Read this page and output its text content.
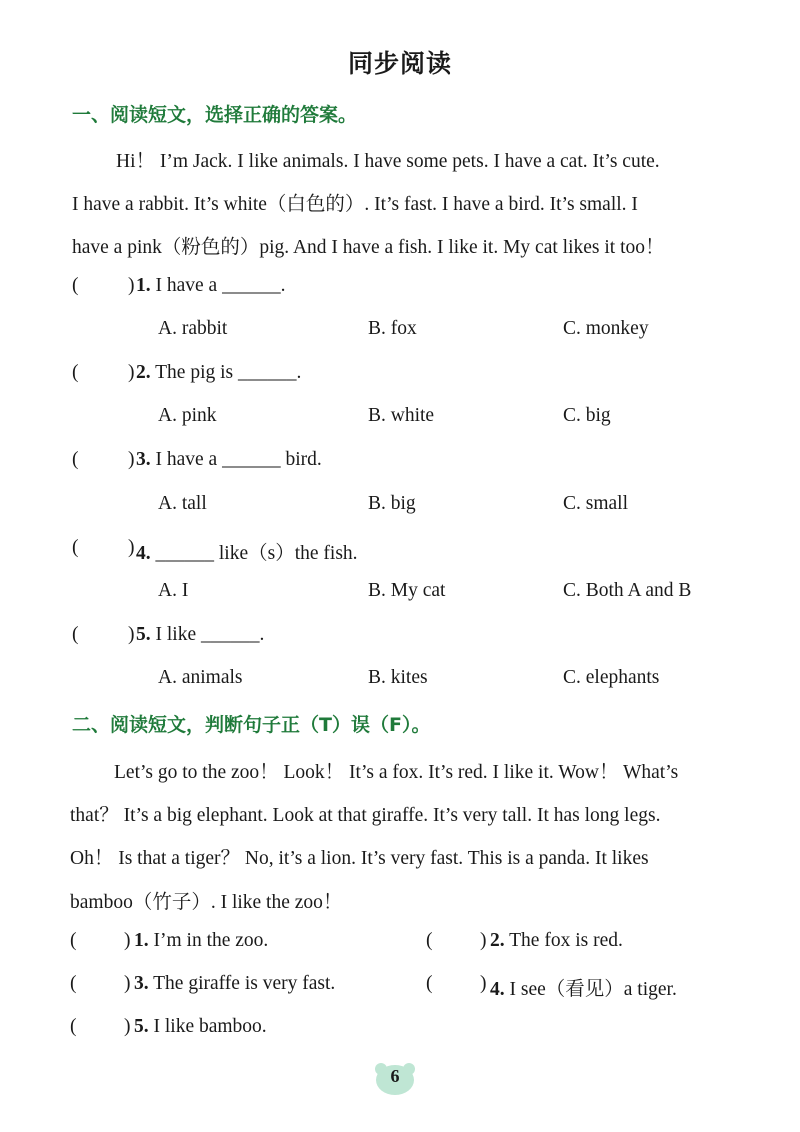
同步阅读
一、阅读短文，选择正确的答案。
Hi！ I’m Jack. I like animals. I have some pets. I have a cat. It’s cute.
I have a rabbit. It’s white（白色的）. It’s fast. I have a bird. It’s small. I
have a pink（粉色的）pig. And I have a fish. I like it. My cat likes it too！
(	) 1. I have a ______.
A. rabbit	B. fox	C. monkey
(	) 2. The pig is ______.
A. pink	B. white	C. big
(	) 3. I have a ______ bird.
A. tall	B. big	C. small
(	) 4. ______ like（s）the fish.
A. I	B. My cat	C. Both A and B
(	) 5. I like ______.
A. animals	B. kites	C. elephants
二、阅读短文，判断句子正（T）误（F）。
Let’s go to the zoo！ Look！ It’s a fox. It’s red. I like it. Wow！ What’s
that？ It’s a big elephant. Look at that giraffe. It’s very tall. It has long legs.
Oh！ Is that a tiger？ No, it’s a lion. It’s very fast. This is a panda. It likes
bamboo（竹子）. I like the zoo！
( ) 1. I’m in the zoo.	( ) 2. The fox is red.
( ) 3. The giraffe is very fast.	( ) 4. I see（看见）a tiger.
( ) 5. I like bamboo.
6
